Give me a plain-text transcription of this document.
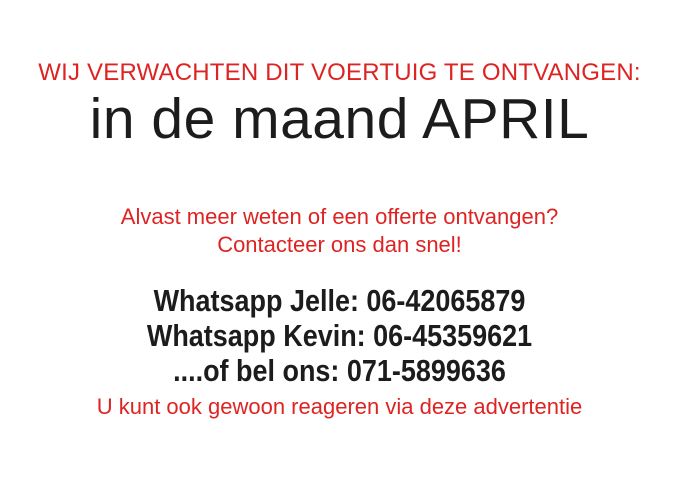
WIJ VERWACHTEN DIT VOERTUIG TE ONTVANGEN:
in de maand APRIL
Alvast meer weten of een offerte ontvangen?
Contacteer ons dan snel!
Whatsapp Jelle: 06-42065879
Whatsapp Kevin: 06-45359621
....of bel ons: 071-5899636
U kunt ook gewoon reageren via deze advertentie
